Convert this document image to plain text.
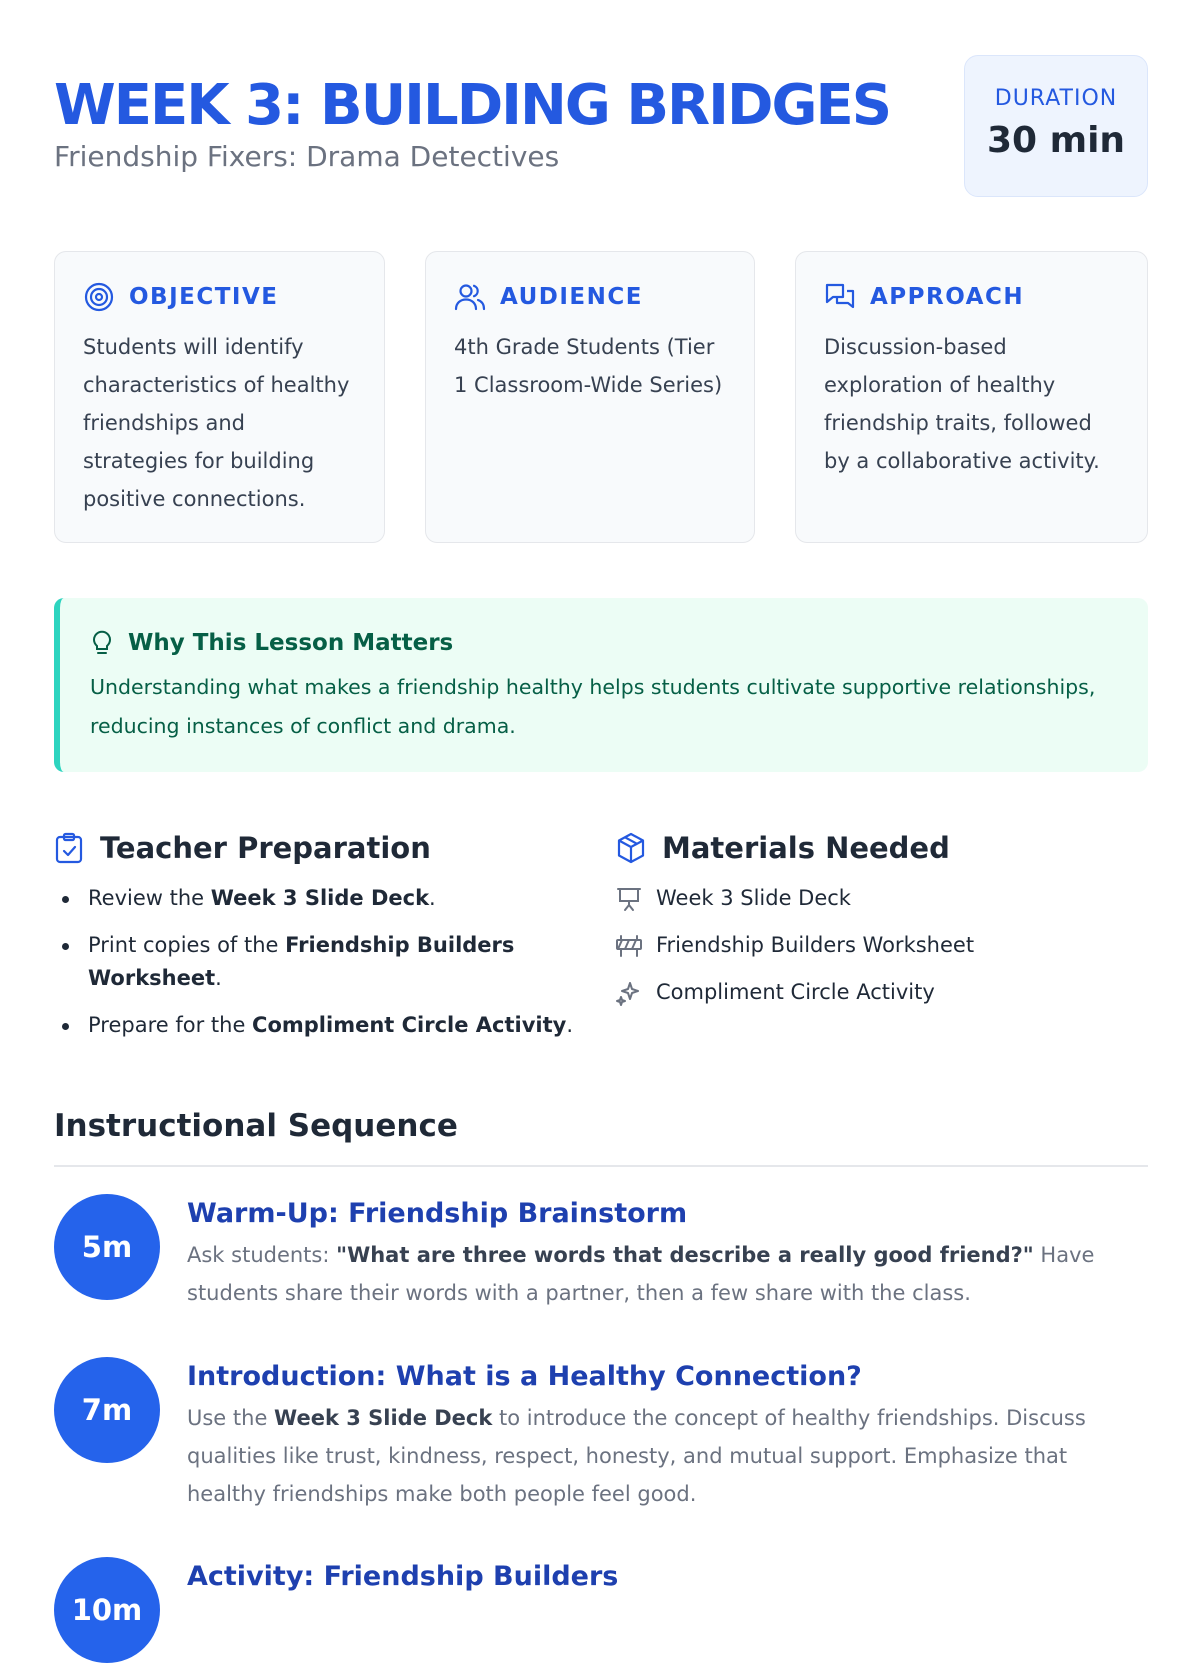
WEEK 3: BUILDING BRIDGES
Friendship Fixers: Drama Detectives
DURATION
30 min
OBJECTIVE
Students will identify characteristics of healthy friendships and strategies for building positive connections.
AUDIENCE
4th Grade Students (Tier 1 Classroom-Wide Series)
APPROACH
Discussion-based exploration of healthy friendship traits, followed by a collaborative activity.
Why This Lesson Matters
Understanding what makes a friendship healthy helps students cultivate supportive relationships, reducing instances of conflict and drama.
Teacher Preparation
Review the Week 3 Slide Deck.
Print copies of the Friendship Builders Worksheet.
Prepare for the Compliment Circle Activity.
Materials Needed
Week 3 Slide Deck
Friendship Builders Worksheet
Compliment Circle Activity
Instructional Sequence
5m
Warm-Up: Friendship Brainstorm
Ask students: "What are three words that describe a really good friend?" Have students share their words with a partner, then a few share with the class.
7m
Introduction: What is a Healthy Connection?
Use the Week 3 Slide Deck to introduce the concept of healthy friendships. Discuss qualities like trust, kindness, respect, honesty, and mutual support. Emphasize that healthy friendships make both people feel good.
10m
Activity: Friendship Builders
